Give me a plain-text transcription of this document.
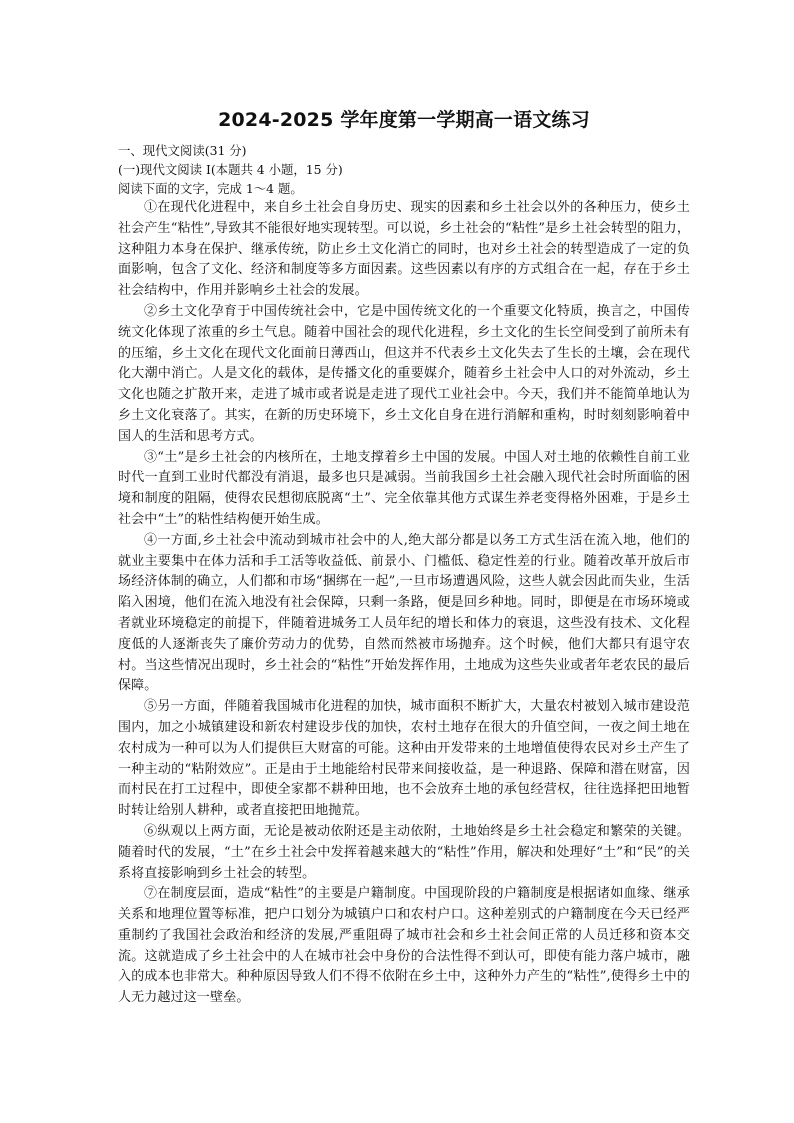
2024-2025 学年度第一学期高一语文练习

一、现代文阅读(31 分)

(一)现代文阅读 I(本题共 4 小题，15 分)

阅读下面的文字，完成 1～4 题。

①在现代化进程中，来自乡土社会自身历史、现实的因素和乡土社会以外的各种压力，使乡土社会产生“粘性”,导致其不能很好地实现转型。可以说，乡土社会的“粘性”是乡土社会转型的阻力，这种阻力本身在保护、继承传统，防止乡土文化消亡的同时，也对乡土社会的转型造成了一定的负面影响，包含了文化、经济和制度等多方面因素。这些因素以有序的方式组合在一起，存在于乡土社会结构中，作用并影响乡土社会的发展。

②乡土文化孕育于中国传统社会中，它是中国传统文化的一个重要文化特质，换言之，中国传统文化体现了浓重的乡土气息。随着中国社会的现代化进程，乡土文化的生长空间受到了前所未有的压缩，乡土文化在现代文化面前日薄西山，但这并不代表乡土文化失去了生长的土壤，会在现代化大潮中消亡。人是文化的载体，是传播文化的重要媒介，随着乡土社会中人口的对外流动，乡土文化也随之扩散开来，走进了城市或者说是走进了现代工业社会中。今天，我们并不能简单地认为乡土文化衰落了。其实，在新的历史环境下，乡土文化自身在进行消解和重构，时时刻刻影响着中国人的生活和思考方式。

③“土”是乡土社会的内核所在，土地支撑着乡土中国的发展。中国人对土地的依赖性自前工业时代一直到工业时代都没有消退，最多也只是减弱。当前我国乡土社会融入现代社会时所面临的困境和制度的阻隔，使得农民想彻底脱离“土”、完全依靠其他方式谋生养老变得格外困难，于是乡土社会中“土”的粘性结构便开始生成。

④一方面,乡土社会中流动到城市社会中的人,绝大部分都是以务工方式生活在流入地，他们的就业主要集中在体力活和手工活等收益低、前景小、门槛低、稳定性差的行业。随着改革开放后市场经济体制的确立，人们都和市场“捆绑在一起”,一旦市场遭遇风险，这些人就会因此而失业，生活陷入困境，他们在流入地没有社会保障，只剩一条路，便是回乡种地。同时，即便是在市场环境或者就业环境稳定的前提下，伴随着进城务工人员年纪的增长和体力的衰退，这些没有技术、文化程度低的人逐渐丧失了廉价劳动力的优势，自然而然被市场抛弃。这个时候，他们大都只有退守农村。当这些情况出现时，乡土社会的“粘性”开始发挥作用，土地成为这些失业或者年老农民的最后保障。

⑤另一方面，伴随着我国城市化进程的加快，城市面积不断扩大，大量农村被划入城市建设范围内，加之小城镇建设和新农村建设步伐的加快，农村土地存在很大的升值空间，一夜之间土地在农村成为一种可以为人们提供巨大财富的可能。这种由开发带来的土地增值使得农民对乡土产生了一种主动的“粘附效应”。正是由于土地能给村民带来间接收益，是一种退路、保障和潜在财富，因而村民在打工过程中，即使全家都不耕种田地，也不会放弃土地的承包经营权，往往选择把田地暂时转让给别人耕种，或者直接把田地抛荒。

⑥纵观以上两方面，无论是被动依附还是主动依附，土地始终是乡土社会稳定和繁荣的关键。随着时代的发展，“土”在乡土社会中发挥着越来越大的“粘性”作用，解决和处理好“土”和“民”的关系将直接影响到乡土社会的转型。

⑦在制度层面，造成“粘性”的主要是户籍制度。中国现阶段的户籍制度是根据诸如血缘、继承关系和地理位置等标准，把户口划分为城镇户口和农村户口。这种差别式的户籍制度在今天已经严重制约了我国社会政治和经济的发展,严重阻碍了城市社会和乡土社会间正常的人员迁移和资本交流。这就造成了乡土社会中的人在城市社会中身份的合法性得不到认可，即使有能力落户城市，融入的成本也非常大。种种原因导致人们不得不依附在乡土中，这种外力产生的“粘性”,使得乡土中的人无力越过这一壁垒。
